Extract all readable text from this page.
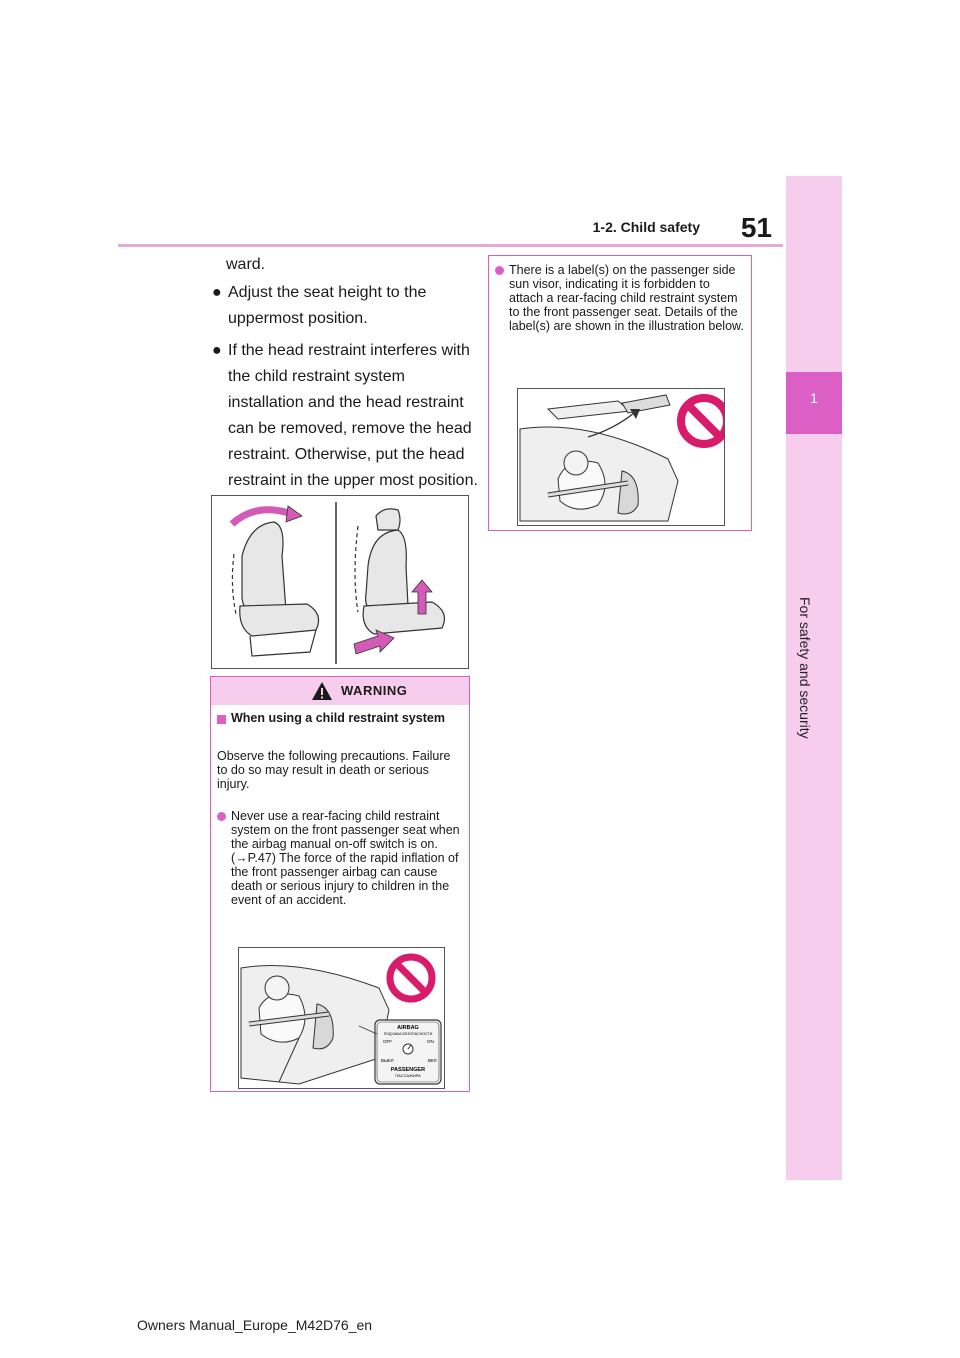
51
1-2. Child safety
1
For safety and security
ward.
● Adjust the seat height to the uppermost position.
● If the head restraint interferes with the child restraint system installation and the head restraint can be removed, remove the head restraint. Otherwise, put the head restraint in the upper most position.
WARNING
When using a child restraint system
Observe the following precautions. Failure to do so may result in death or serious injury.
Never use a rear-facing child restraint system on the front passenger seat when the airbag manual on-off switch is on. (→P.47) The force of the rapid inflation of the front passenger airbag can cause death or serious injury to children in the event of an accident.
AIRBAG
ПОДУШКА БЕЗОПАСНОСТИ
OFF	ON
ВЫКЛ	ВКЛ
PASSENGER
ПАССАЖИРА
There is a label(s) on the passenger side sun visor, indicating it is forbidden to attach a rear-facing child restraint system to the front passenger seat. Details of the label(s) are shown in the illustration below.
Owners Manual_Europe_M42D76_en
